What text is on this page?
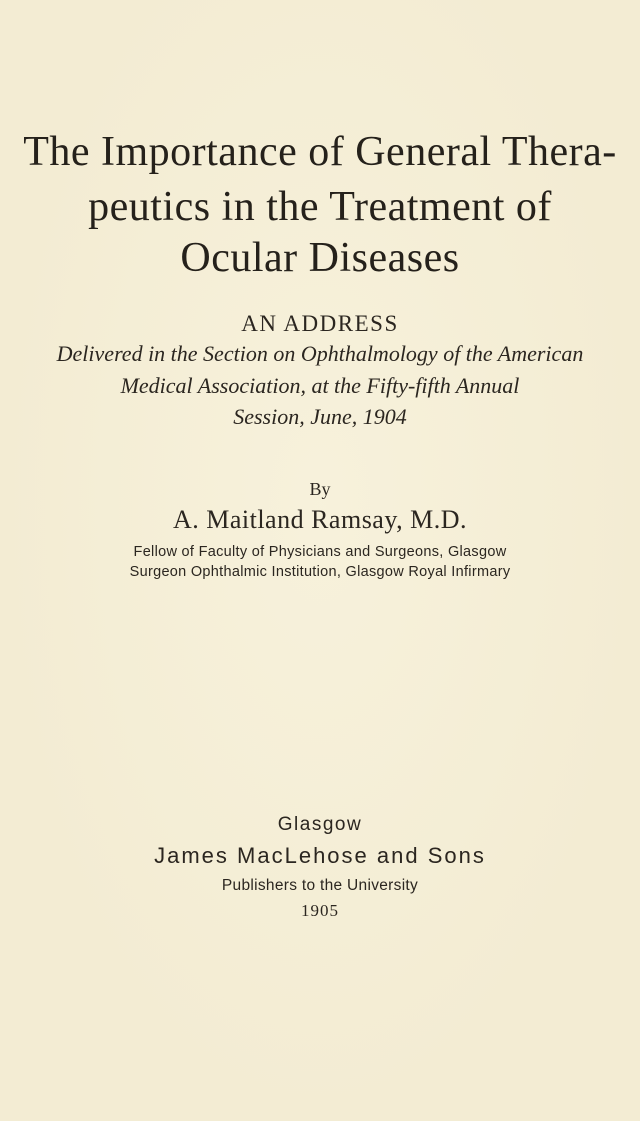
The Importance of General Thera-
peutics in the Treatment of
Ocular Diseases
AN ADDRESS
Delivered in the Section on Ophthalmology of the American
Medical Association, at the Fifty-fifth Annual
Session, June, 1904
By
A. Maitland Ramsay, M.D.
Fellow of Faculty of Physicians and Surgeons, Glasgow
Surgeon Ophthalmic Institution, Glasgow Royal Infirmary
Glasgow
James MacLehose and Sons
Publishers to the University
1905
